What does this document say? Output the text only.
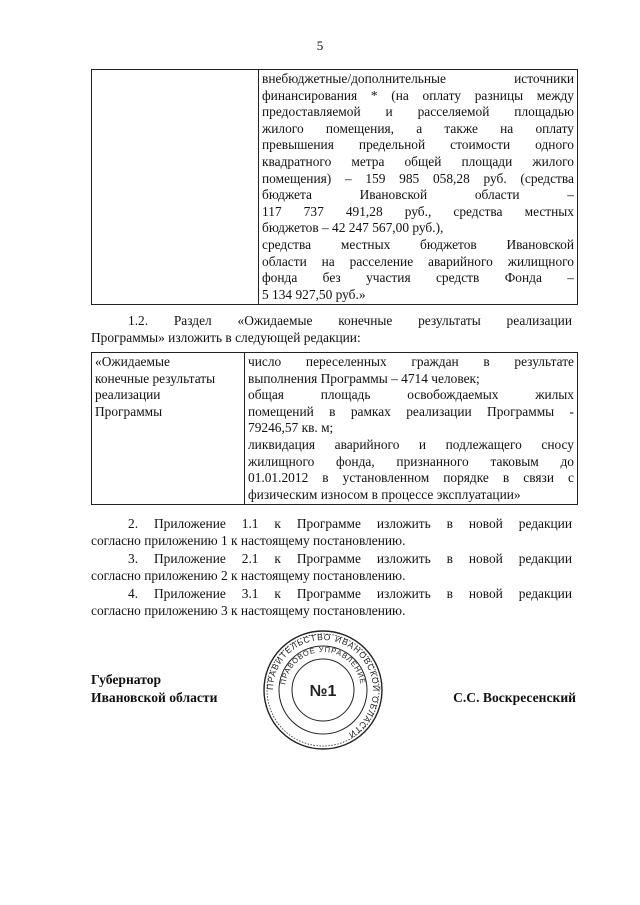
5

внебюджетные/дополнительные источники
финансирования * (на оплату разницы между
предоставляемой и расселяемой площадью
жилого помещения, а также на оплату
превышения предельной стоимости одного
квадратного метра общей площади жилого
помещения) – 159 985 058,28 руб. (средства
бюджета Ивановской области –
117 737 491,28 руб., средства местных
бюджетов – 42 247 567,00 руб.),
средства местных бюджетов Ивановской
области на расселение аварийного жилищного
фонда без участия средств Фонда –
5 134 927,50 руб.»
1.2. Раздел «Ожидаемые конечные результаты реализации
Программы» изложить в следующей редакции:
«Ожидаемые
конечные результаты
реализации
Программы

число переселенных граждан в результате
выполнения Программы – 4714 человек;
общая площадь освобождаемых жилых
помещений в рамках реализации Программы -
79246,57 кв. м;
ликвидация аварийного и подлежащего сносу
жилищного фонда, признанного таковым до
01.01.2012 в установленном порядке в связи с
физическим износом в процессе эксплуатации»
2. Приложение 1.1 к Программе изложить в новой редакции
согласно приложению 1 к настоящему постановлению.
3. Приложение 2.1 к Программе изложить в новой редакции
согласно приложению 2 к настоящему постановлению.
4. Приложение 3.1 к Программе изложить в новой редакции
согласно приложению 3 к настоящему постановлению.
Губернатор
Ивановской области	С.С. Воскресенский
ПРАВИТЕЛЬСТВО ИВАНОВСКОЙ ОБЛАСТИ
ПРАВОВОЕ УПРАВЛЕНИЕ
№1
